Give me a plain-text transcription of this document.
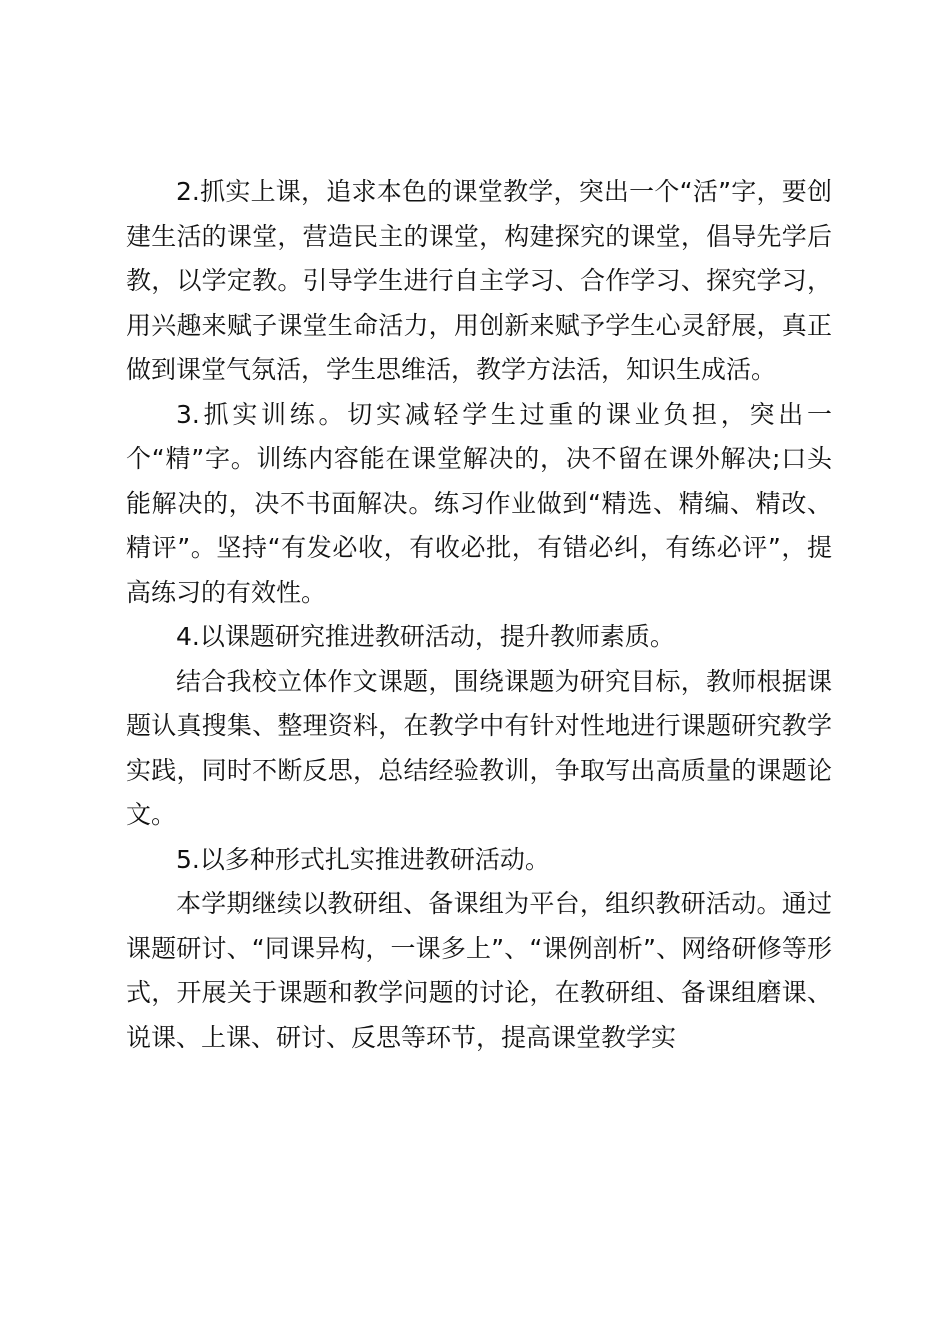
2.抓实上课，追求本色的课堂教学，突出一个“活”字，要创建生活的课堂，营造民主的课堂，构建探究的课堂，倡导先学后教，以学定教。引导学生进行自主学习、合作学习、探究学习，用兴趣来赋子课堂生命活力，用创新来赋予学生心灵舒展，真正做到课堂气氛活，学生思维活，教学方法活，知识生成活。

3.抓实训练。切实减轻学生过重的课业负担，突出一个“精”字。训练内容能在课堂解决的，决不留在课外解决;口头能解决的，决不书面解决。练习作业做到“精选、精编、精改、精评”。坚持“有发必收，有收必批，有错必纠，有练必评”，提高练习的有效性。

4.以课题研究推进教研活动，提升教师素质。

结合我校立体作文课题，围绕课题为研究目标，教师根据课题认真搜集、整理资料，在教学中有针对性地进行课题研究教学实践，同时不断反思，总结经验教训，争取写出高质量的课题论文。

5.以多种形式扎实推进教研活动。

本学期继续以教研组、备课组为平台，组织教研活动。通过课题研讨、“同课异构，一课多上”、“课例剖析”、网络研修等形式，开展关于课题和教学问题的讨论，在教研组、备课组磨课、说课、上课、研讨、反思等环节，提高课堂教学实
